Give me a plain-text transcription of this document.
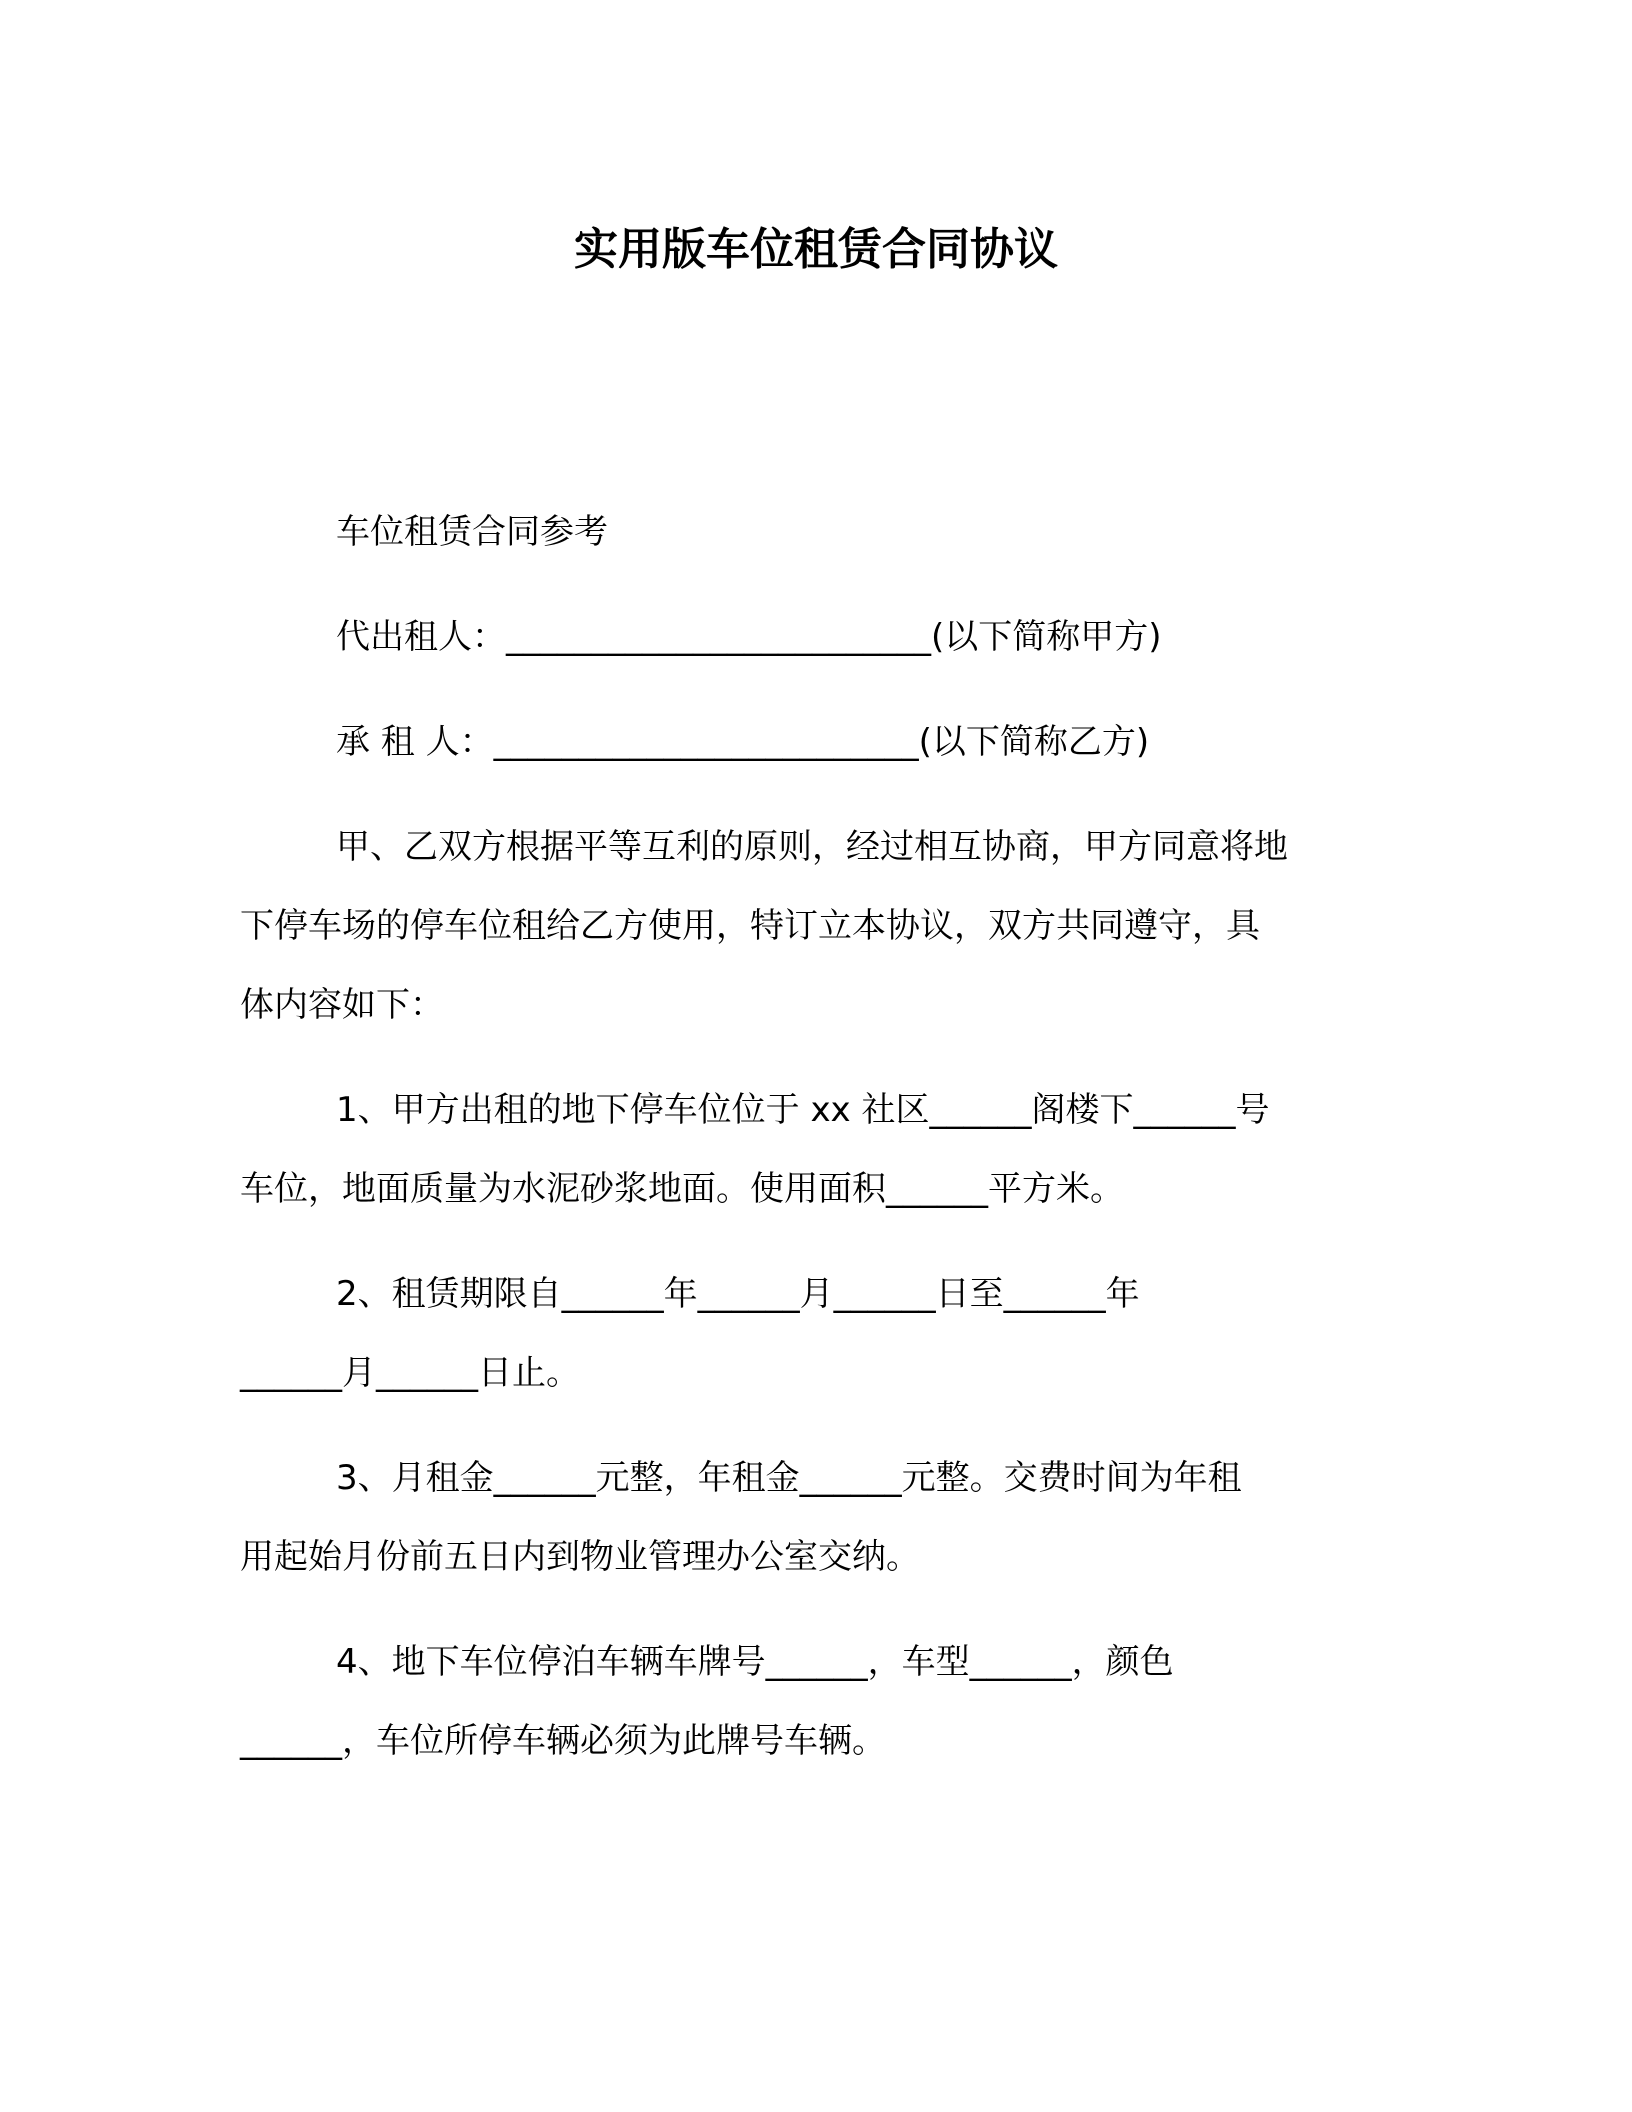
实用版车位租赁合同协议
车位租赁合同参考
代出租人：_________________________(以下简称甲方)
承 租 人：_________________________(以下简称乙方)
甲、乙双方根据平等互利的原则，经过相互协商，甲方同意将地
下停车场的停车位租给乙方使用，特订立本协议，双方共同遵守，具
体内容如下：
1、甲方出租的地下停车位位于 xx 社区______阁楼下______号
车位，地面质量为水泥砂浆地面。使用面积______平方米。
2、租赁期限自______年______月______日至______年
______月______日止。
3、月租金______元整，年租金______元整。交费时间为年租
用起始月份前五日内到物业管理办公室交纳。
4、地下车位停泊车辆车牌号______，车型______，颜色
______，车位所停车辆必须为此牌号车辆。
